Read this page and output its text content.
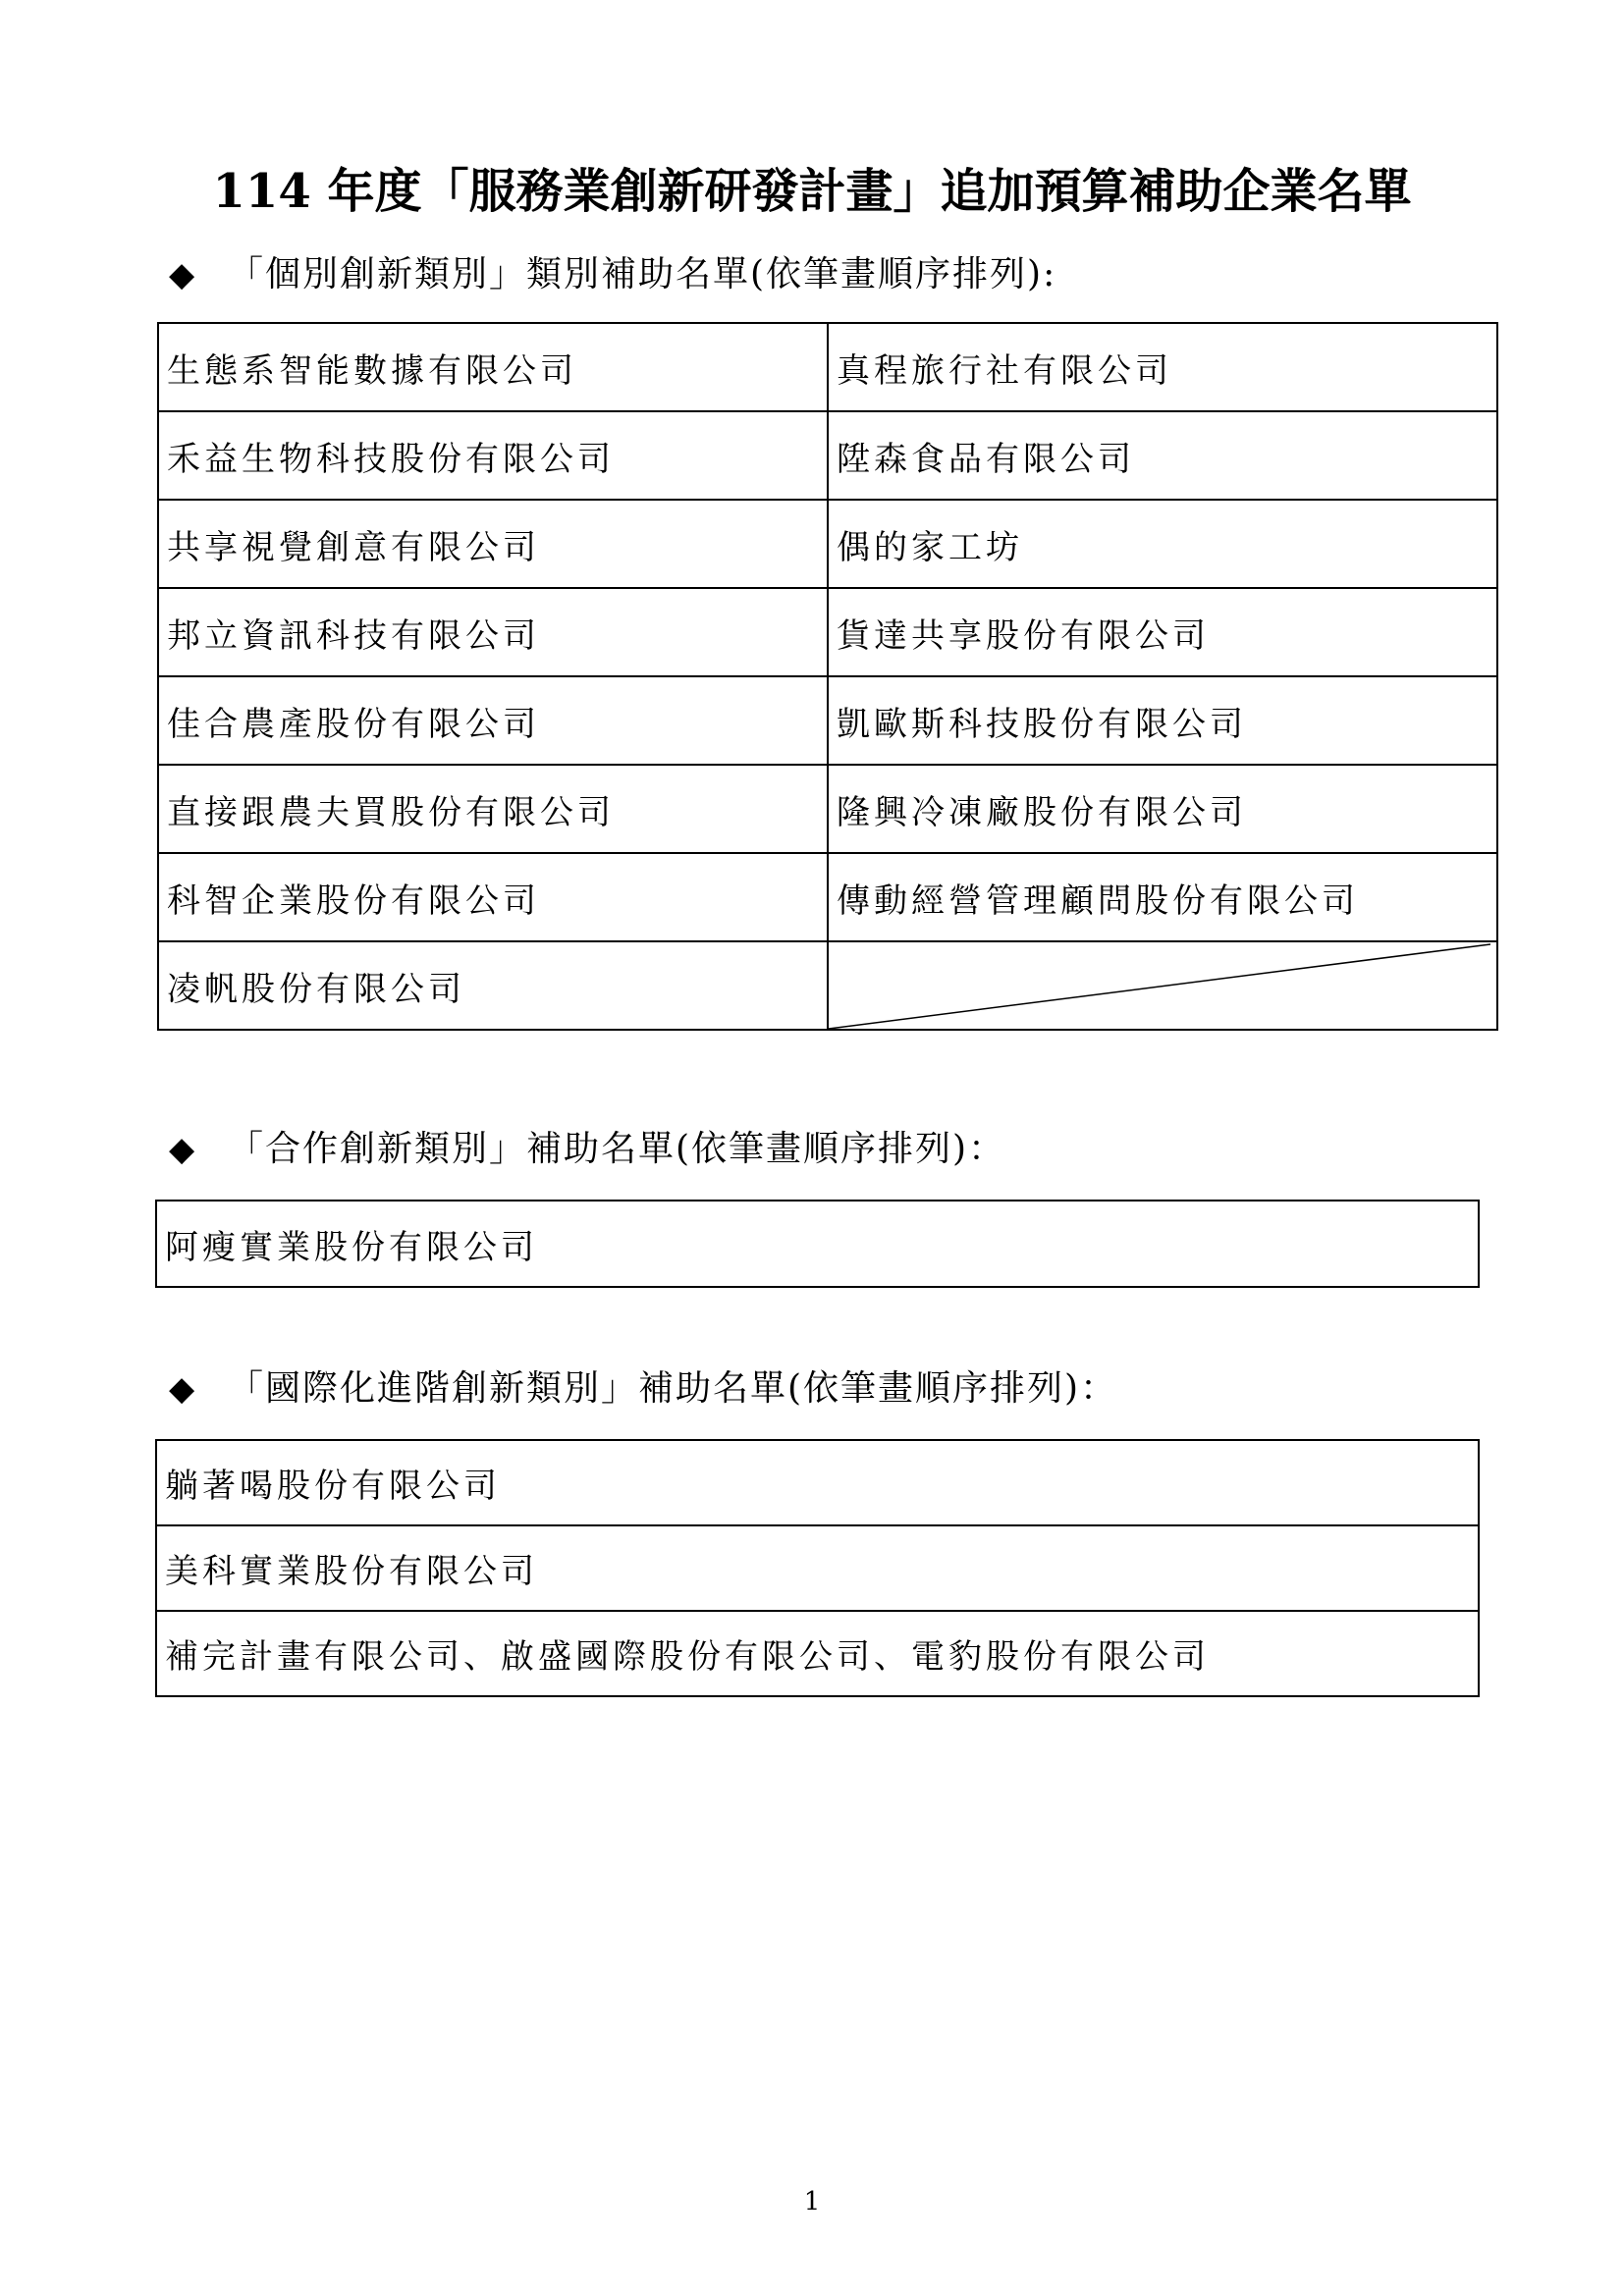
114 年度「服務業創新研發計畫」追加預算補助企業名單
◆ 「個別創新類別」類別補助名單(依筆畫順序排列):
生態系智能數據有限公司	真程旅行社有限公司
禾益生物科技股份有限公司	陞森食品有限公司
共享視覺創意有限公司	偶的家工坊
邦立資訊科技有限公司	貨達共享股份有限公司
佳合農產股份有限公司	凱歐斯科技股份有限公司
直接跟農夫買股份有限公司	隆興冷凍廠股份有限公司
科智企業股份有限公司	傳動經營管理顧問股份有限公司
凌帆股份有限公司	
◆ 「合作創新類別」補助名單(依筆畫順序排列)：
阿瘦實業股份有限公司
◆ 「國際化進階創新類別」補助名單(依筆畫順序排列)：
躺著喝股份有限公司
美科實業股份有限公司
補完計畫有限公司、啟盛國際股份有限公司、電豹股份有限公司
1
